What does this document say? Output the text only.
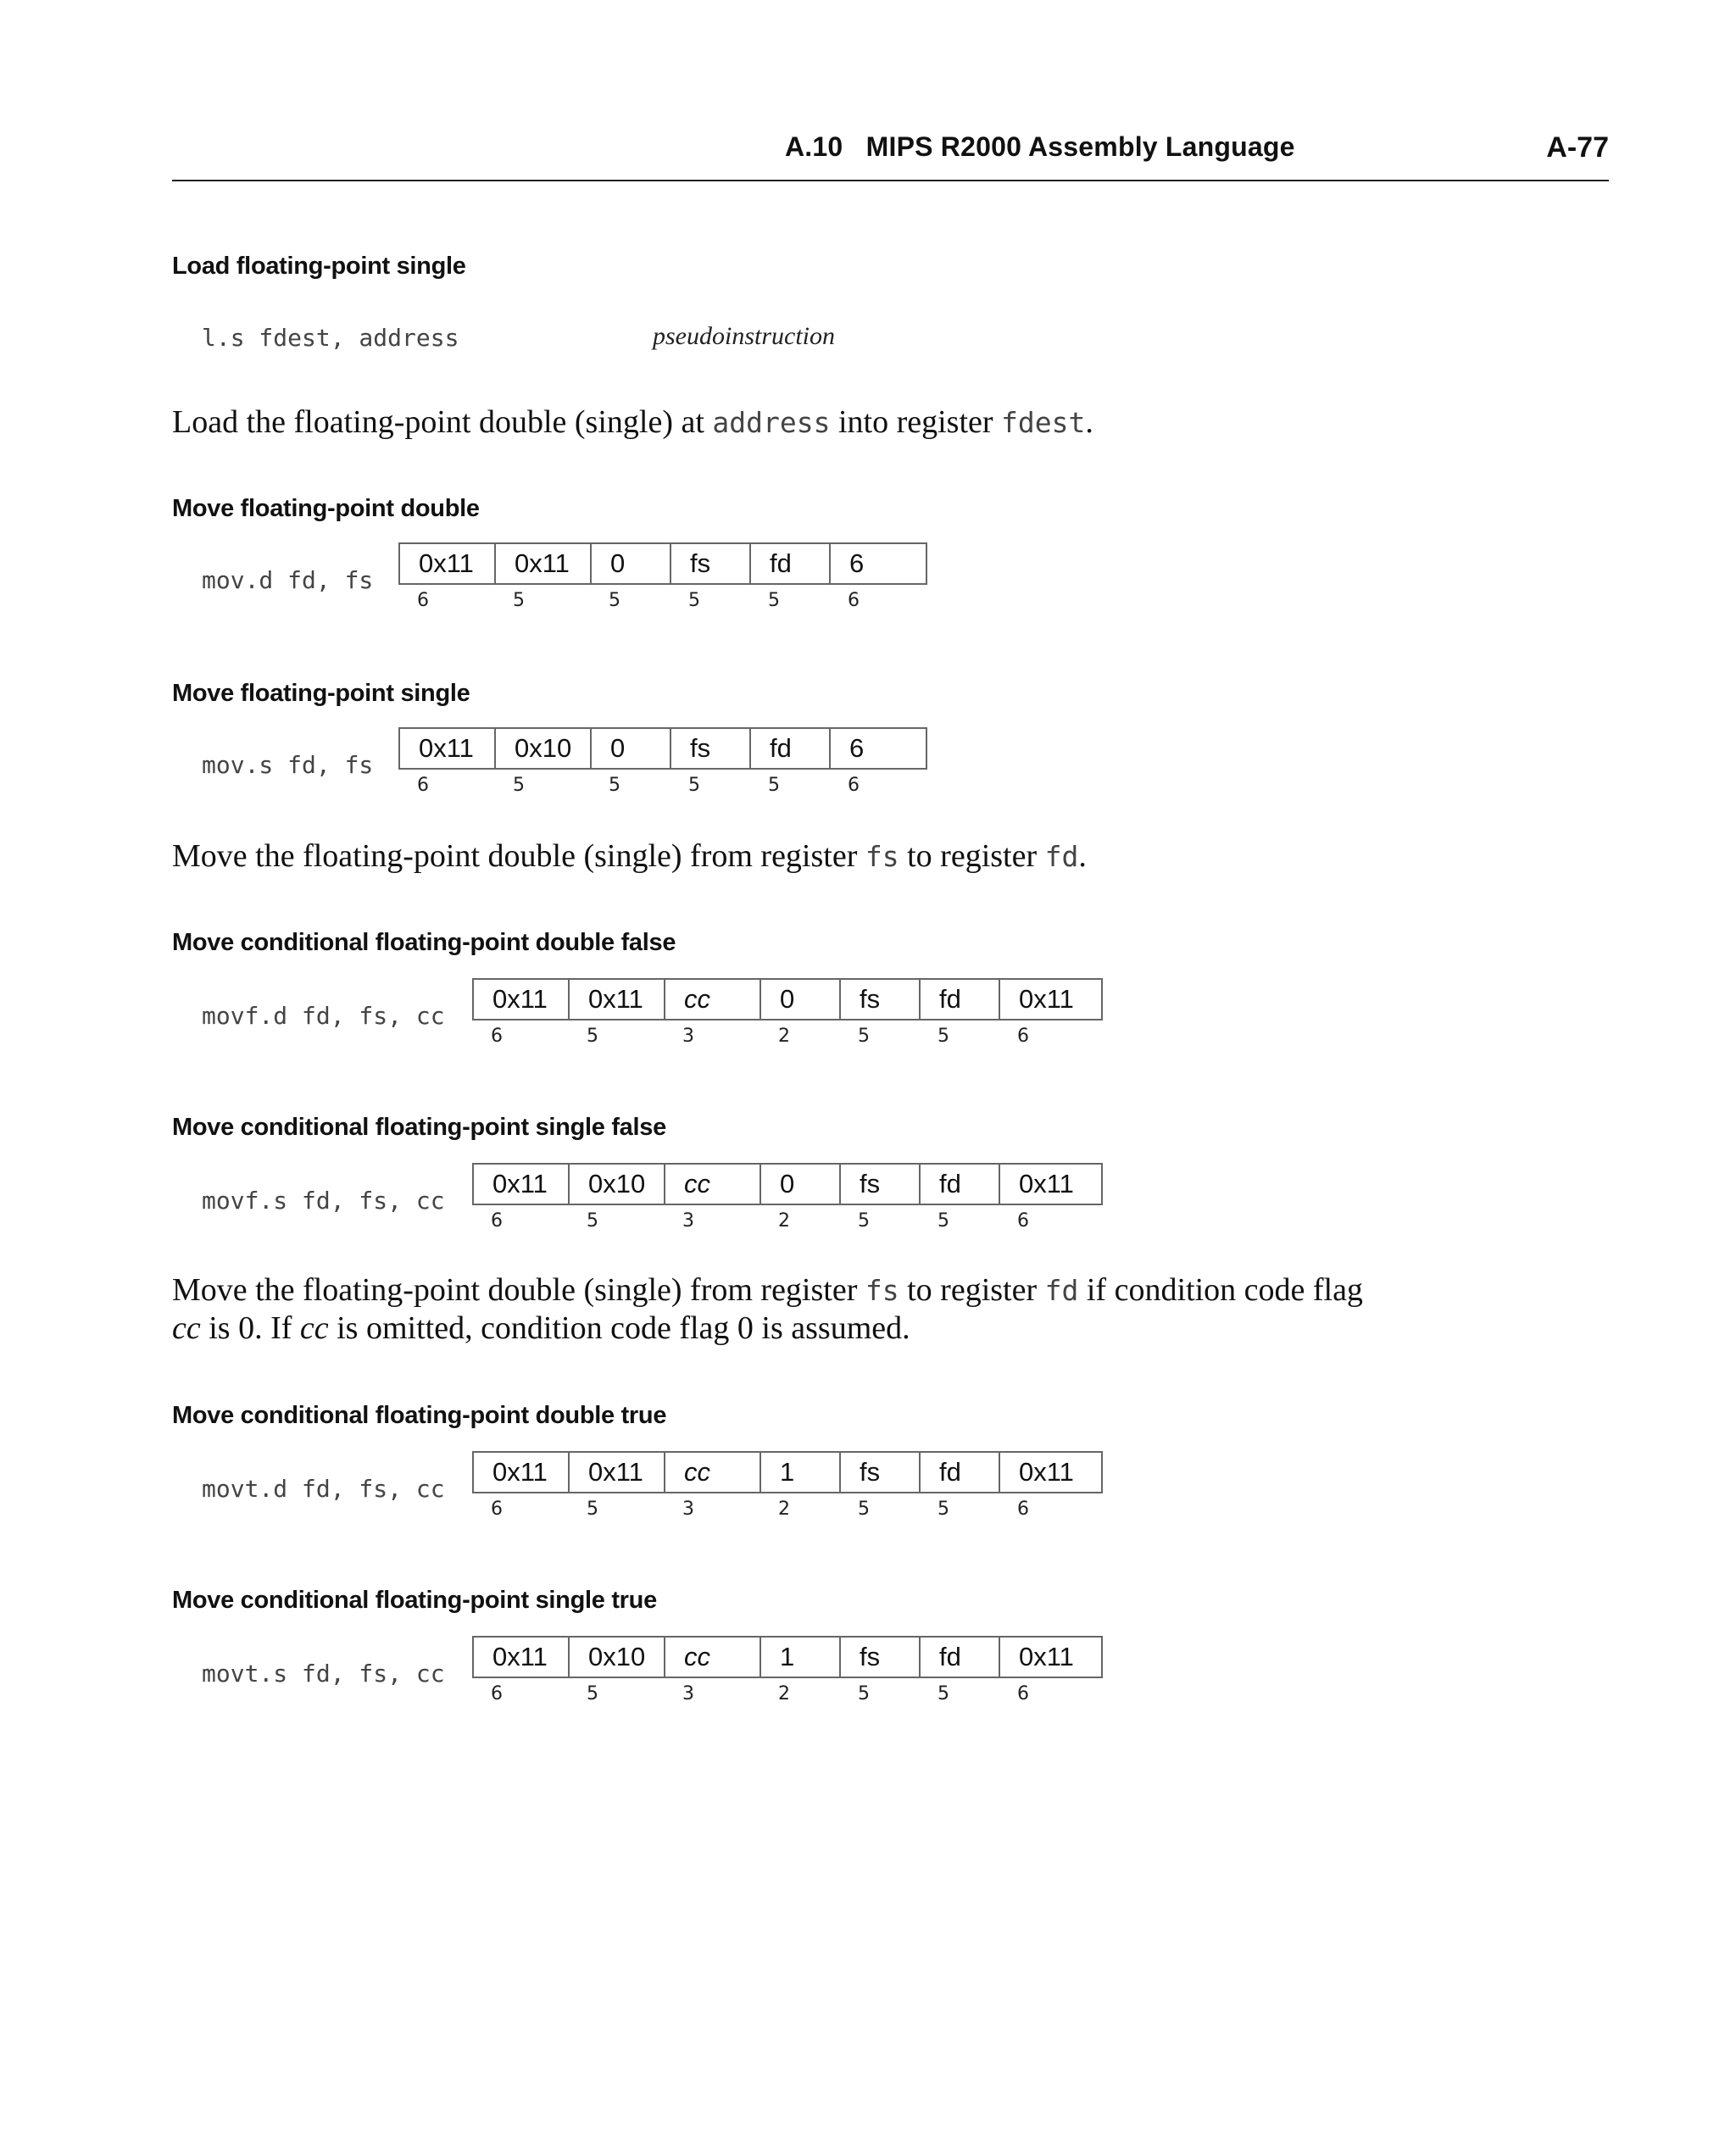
A.10   MIPS R2000 Assembly Language	A-77
Load floating-point single
l.s fdest, address	pseudoinstruction
Load the floating-point double (single) at address into register fdest.
Move floating-point double
mov.d fd, fs
0x11	0x11	0	fs	fd	6
6	5	5	5	5	6
Move floating-point single
mov.s fd, fs
0x11	0x10	0	fs	fd	6
6	5	5	5	5	6
Move the floating-point double (single) from register fs to register fd.
Move conditional floating-point double false
movf.d fd, fs, cc
0x11	0x11	cc	0	fs	fd	0x11
6	5	3	2	5	5	6
Move conditional floating-point single false
movf.s fd, fs, cc
0x11	0x10	cc	0	fs	fd	0x11
6	5	3	2	5	5	6
Move the floating-point double (single) from register fs to register fd if condition code flag cc is 0. If cc is omitted, condition code flag 0 is assumed.
Move conditional floating-point double true
movt.d fd, fs, cc
0x11	0x11	cc	1	fs	fd	0x11
6	5	3	2	5	5	6
Move conditional floating-point single true
movt.s fd, fs, cc
0x11	0x10	cc	1	fs	fd	0x11
6	5	3	2	5	5	6
